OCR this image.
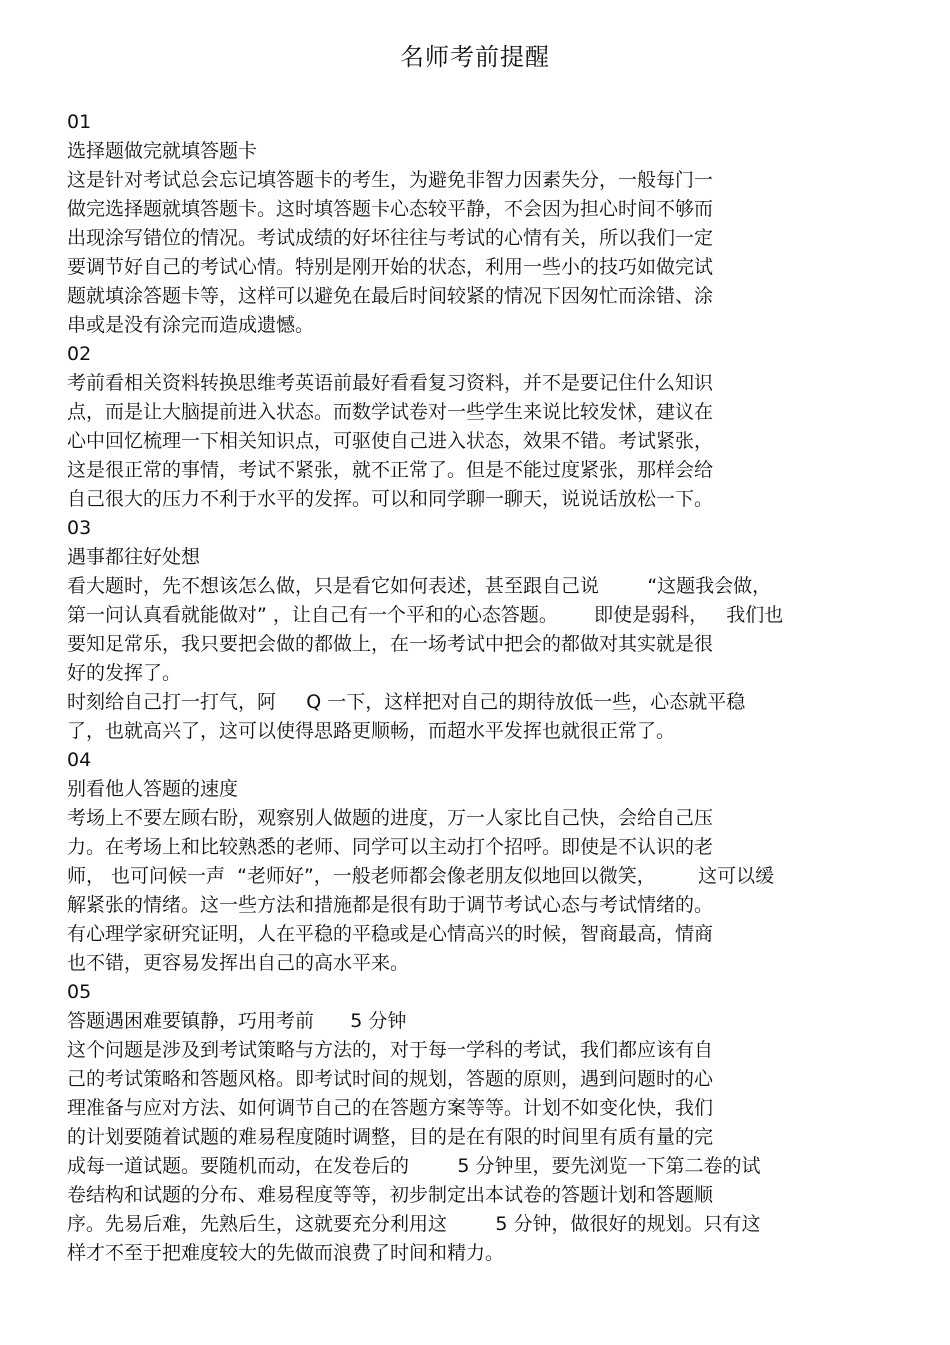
名师考前提醒
01
选择题做完就填答题卡
这是针对考试总会忘记填答题卡的考生，为避免非智力因素失分，一般每门一
做完选择题就填答题卡。这时填答题卡心态较平静，不会因为担心时间不够而
出现涂写错位的情况。考试成绩的好坏往往与考试的心情有关，所以我们一定
要调节好自己的考试心情。特别是刚开始的状态，利用一些小的技巧如做完试
题就填涂答题卡等，这样可以避免在最后时间较紧的情况下因匆忙而涂错、涂
串或是没有涂完而造成遗憾。
02
考前看相关资料转换思维考英语前最好看看复习资料，并不是要记住什么知识
点，而是让大脑提前进入状态。而数学试卷对一些学生来说比较发怵，建议在
心中回忆梳理一下相关知识点，可驱使自己进入状态，效果不错。考试紧张，
这是很正常的事情，考试不紧张，就不正常了。但是不能过度紧张，那样会给
自己很大的压力不利于水平的发挥。可以和同学聊一聊天，说说话放松一下。
03
遇事都往好处想
看大题时，先不想该怎么做，只是看它如何表述，甚至跟自己说        “这题我会做，
第一问认真看就能做对” ，让自己有一个平和的心态答题。      即使是弱科，   我们也
要知足常乐，我只要把会做的都做上，在一场考试中把会的都做对其实就是很
好的发挥了。
时刻给自己打一打气，阿     Q 一下，这样把对自己的期待放低一些，心态就平稳
了，也就高兴了，这可以使得思路更顺畅，而超水平发挥也就很正常了。
04
别看他人答题的速度
考场上不要左顾右盼，观察别人做题的进度，万一人家比自己快，会给自己压
力。在考场上和比较熟悉的老师、同学可以主动打个招呼。即使是不认识的老
师， 也可问候一声  “老师好”，一般老师都会像老朋友似地回以微笑，       这可以缓
解紧张的情绪。这一些方法和措施都是很有助于调节考试心态与考试情绪的。
有心理学家研究证明，人在平稳的平稳或是心情高兴的时候，智商最高，情商
也不错，更容易发挥出自己的高水平来。
05
答题遇困难要镇静，巧用考前      5 分钟
这个问题是涉及到考试策略与方法的，对于每一学科的考试，我们都应该有自
己的考试策略和答题风格。即考试时间的规划，答题的原则，遇到问题时的心
理准备与应对方法、如何调节自己的在答题方案等等。计划不如变化快，我们
的计划要随着试题的难易程度随时调整，目的是在有限的时间里有质有量的完
成每一道试题。要随机而动，在发卷后的        5 分钟里，要先浏览一下第二卷的试
卷结构和试题的分布、难易程度等等，初步制定出本试卷的答题计划和答题顺
序。先易后难，先熟后生，这就要充分利用这        5 分钟，做很好的规划。只有这
样才不至于把难度较大的先做而浪费了时间和精力。
